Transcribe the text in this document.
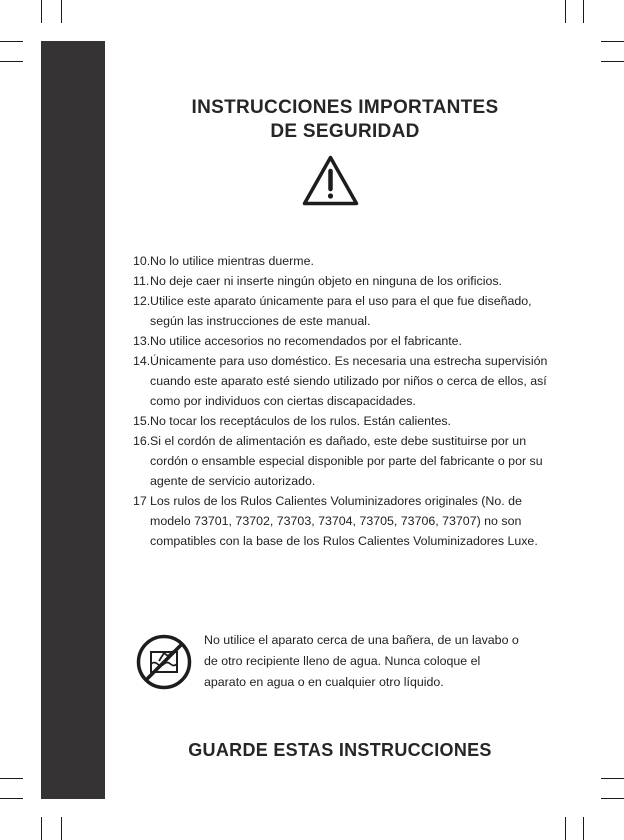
INSTRUCCIONES IMPORTANTES
DE SEGURIDAD
10. No lo utilice mientras duerme.
11. No deje caer ni inserte ningún objeto en ninguna de los orificios.
12. Utilice este aparato únicamente para el uso para el que fue diseñado, según las instrucciones de este manual.
13. No utilice accesorios no recomendados por el fabricante.
14. Únicamente para uso doméstico. Es necesaria una estrecha supervisión cuando este aparato esté siendo utilizado por niños o cerca de ellos, así como por individuos con ciertas discapacidades.
15. No tocar los receptáculos de los rulos. Están calientes.
16. Si el cordón de alimentación es dañado, este debe sustituirse por un cordón o ensamble especial disponible por parte del fabricante o por su agente de servicio autorizado.
17 Los rulos de los Rulos Calientes Voluminizadores originales (No. de modelo 73701, 73702, 73703, 73704, 73705, 73706, 73707) no son compatibles con la base de los Rulos Calientes Voluminizadores Luxe.
No utilice el aparato cerca de una bañera, de un lavabo o de otro recipiente lleno de agua. Nunca coloque el aparato en agua o en cualquier otro líquido.
GUARDE ESTAS INSTRUCCIONES
